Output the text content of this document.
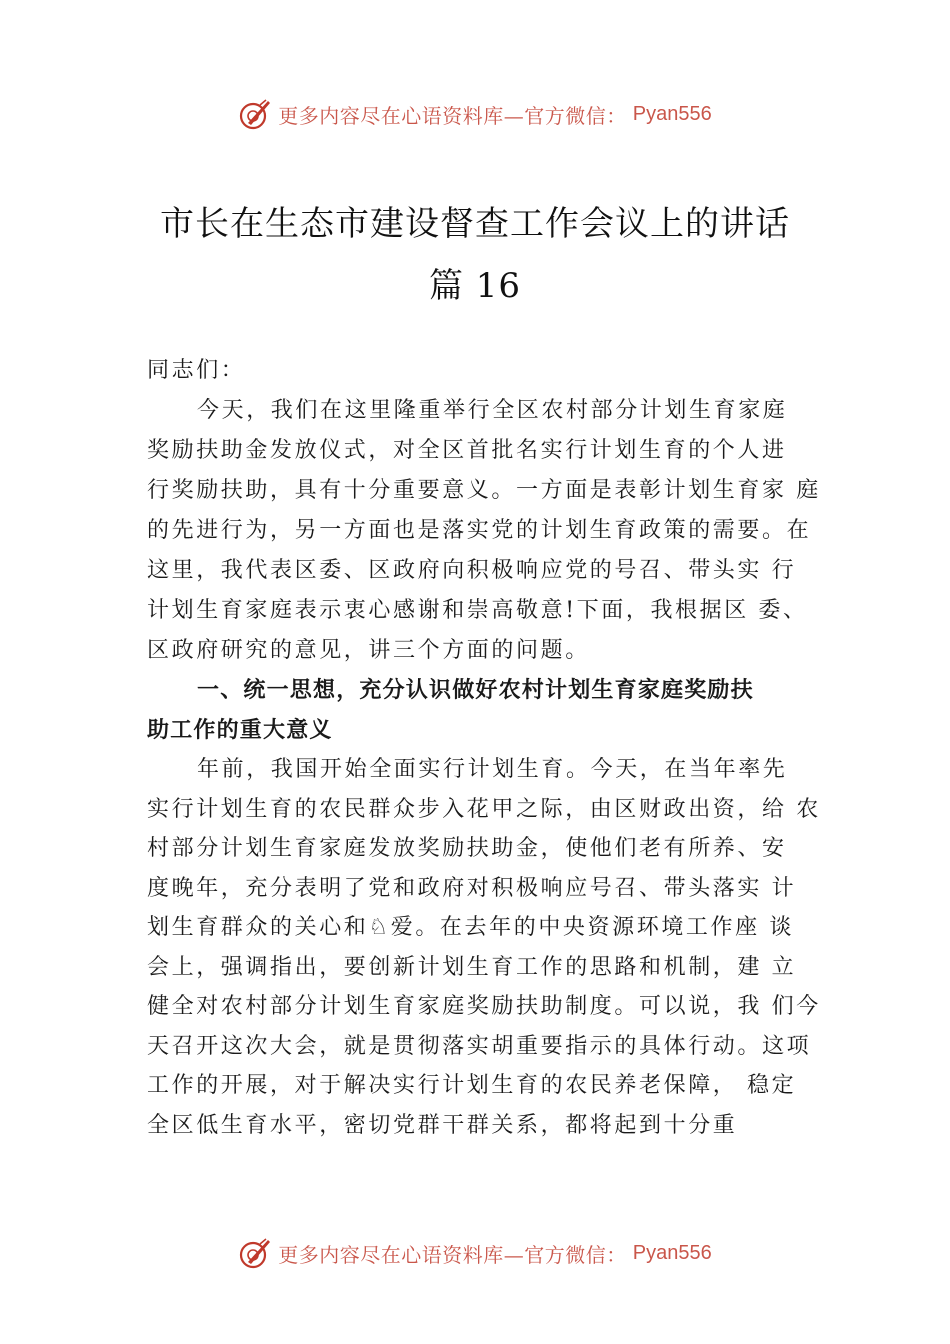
更多内容尽在心语资料库—官方微信： Pyan556
市长在生态市建设督查工作会议上的讲话
篇 16
同志们：
今天，我们在这里隆重举行全区农村部分计划生育家庭
奖励扶助金发放仪式，对全区首批名实行计划生育的个人进
行奖励扶助，具有十分重要意义。一方面是表彰计划生育家 庭
的先进行为，另一方面也是落实党的计划生育政策的需要。在
这里，我代表区委、区政府向积极响应党的号召、带头实 行
计划生育家庭表示衷心感谢和崇高敬意!下面，我根据区 委、
区政府研究的意见，讲三个方面的问题。
一、统一思想，充分认识做好农村计划生育家庭奖励扶
助工作的重大意义
年前，我国开始全面实行计划生育。今天，在当年率先
实行计划生育的农民群众步入花甲之际，由区财政出资，给 农
村部分计划生育家庭发放奖励扶助金，使他们老有所养、安
度晚年，充分表明了党和政府对积极响应号召、带头落实 计
划生育群众的关心和♘爱。在去年的中央资源环境工作座 谈
会上，强调指出，要创新计划生育工作的思路和机制，建 立
健全对农村部分计划生育家庭奖励扶助制度。可以说，我 们今
天召开这次大会，就是贯彻落实胡重要指示的具体行动。这项
工作的开展，对于解决实行计划生育的农民养老保障， 稳定
全区低生育水平，密切党群干群关系，都将起到十分重
更多内容尽在心语资料库—官方微信： Pyan556
